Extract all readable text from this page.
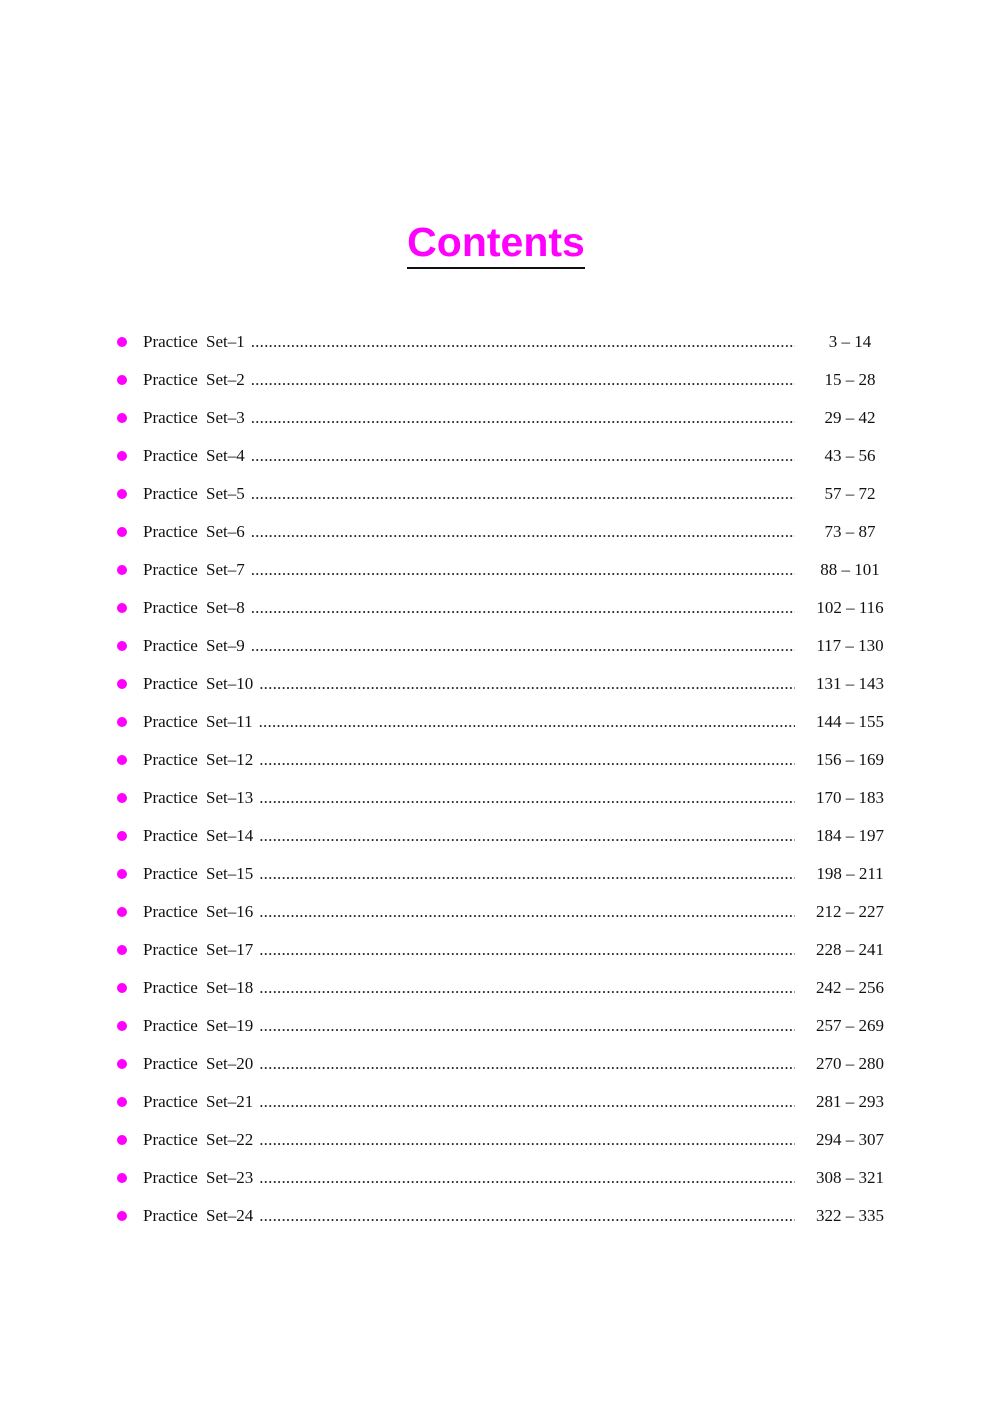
Contents
Practice Set–1 .....	3 – 14
Practice Set–2 .....	15 – 28
Practice Set–3 .....	29 – 42
Practice Set–4 .....	43 – 56
Practice Set–5 .....	57 – 72
Practice Set–6 .....	73 – 87
Practice Set–7 .....	88 – 101
Practice Set–8 .....	102 – 116
Practice Set–9 .....	117 – 130
Practice Set–10 .....	131 – 143
Practice Set–11 .....	144 – 155
Practice Set–12 .....	156 – 169
Practice Set–13 .....	170 – 183
Practice Set–14 .....	184 – 197
Practice Set–15 .....	198 – 211
Practice Set–16 .....	212 – 227
Practice Set–17 .....	228 – 241
Practice Set–18 .....	242 – 256
Practice Set–19 .....	257 – 269
Practice Set–20 .....	270 – 280
Practice Set–21 .....	281 – 293
Practice Set–22 .....	294 – 307
Practice Set–23 .....	308 – 321
Practice Set–24 .....	322 – 335
